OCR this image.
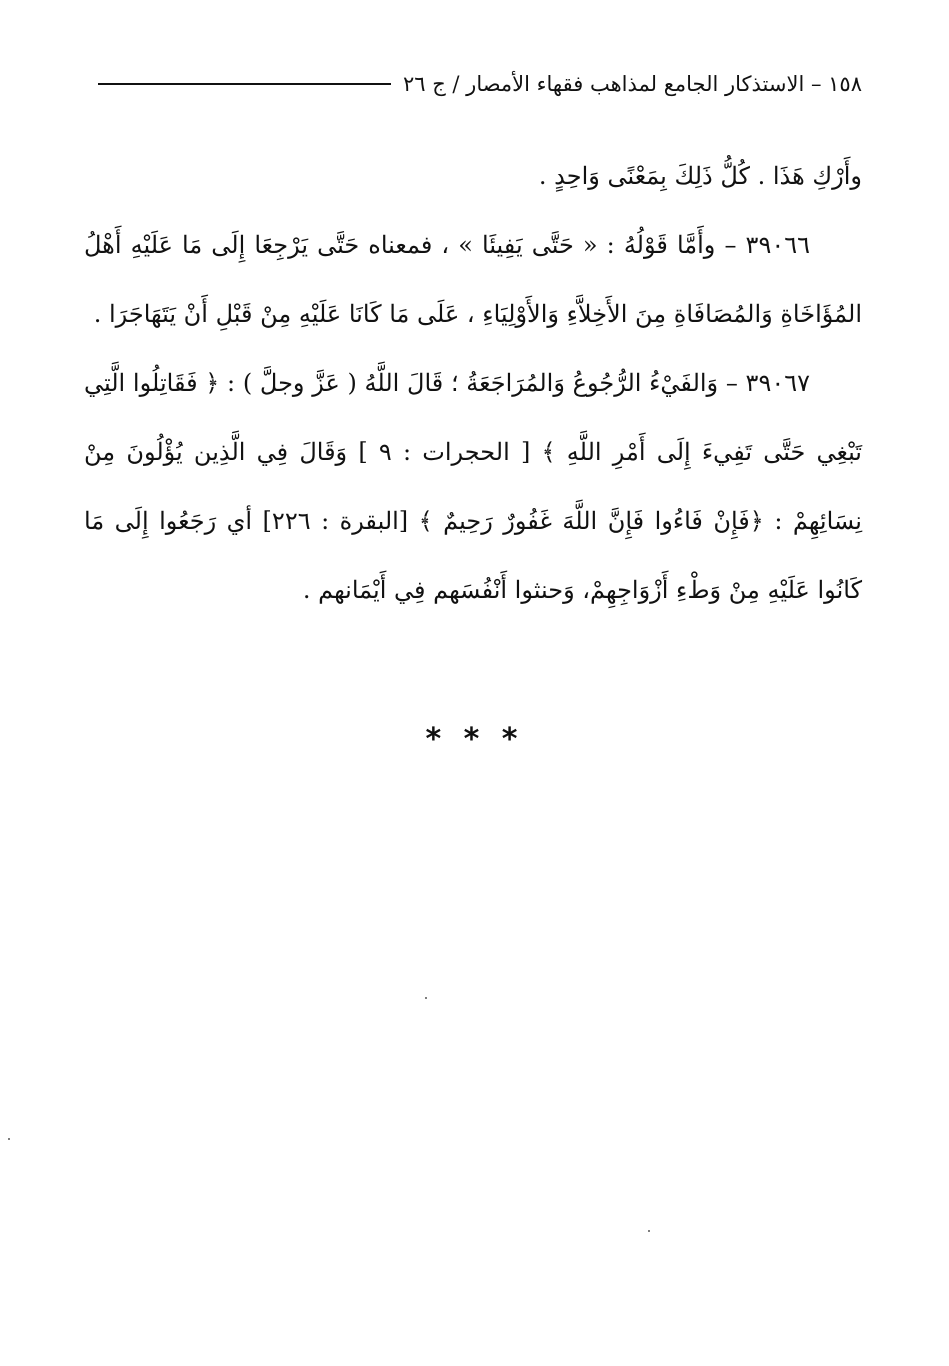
١٥٨ – الاستذكار الجامع لمذاهب فقهاء الأمصار / ج ٢٦

وأَرْكِ هَذَا . كُلُّ ذَلِكَ بِمَعْنًى وَاحِدٍ .

٣٩٠٦٦ – وأَمَّا قَوْلُهُ : « حَتَّى يَفِيئَا » ، فمعناه حَتَّى يَرْجِعَا إِلَى مَا عَلَيْهِ أَهْلُ المُؤَاخَاةِ وَالمُصَافَاةِ مِنَ الأَخِلاَّءِ وَالأَوْلِيَاءِ ، عَلَى مَا كَانَا عَلَيْهِ مِنْ قَبْلِ أَنْ يَتَهَاجَرَا .

٣٩٠٦٧ – وَالفَيْءُ الرُّجُوعُ وَالمُرَاجَعَةُ ؛ قَالَ اللَّهُ ( عَزَّ وجلَّ ) : ﴿ فَقَاتِلُوا الَّتِي تَبْغِي حَتَّى تَفِيءَ إِلَى أَمْرِ اللَّهِ ﴾ [ الحجرات : ٩ ] وَقَالَ فِي الَّذِين يُؤْلُونَ مِنْ نِسَائِهِمْ : ﴿فَإِنْ فَاءُوا فَإِنَّ اللَّهَ غَفُورٌ رَحِيمٌ ﴾ [البقرة : ٢٢٦] أي رَجَعُوا إِلَى مَا كَانُوا عَلَيْهِ مِنْ وَطْءِ أَزْوَاجِهِمْ، وَحنثوا أَنْفُسَهم فِي أَيْمَانهم .

* * *
